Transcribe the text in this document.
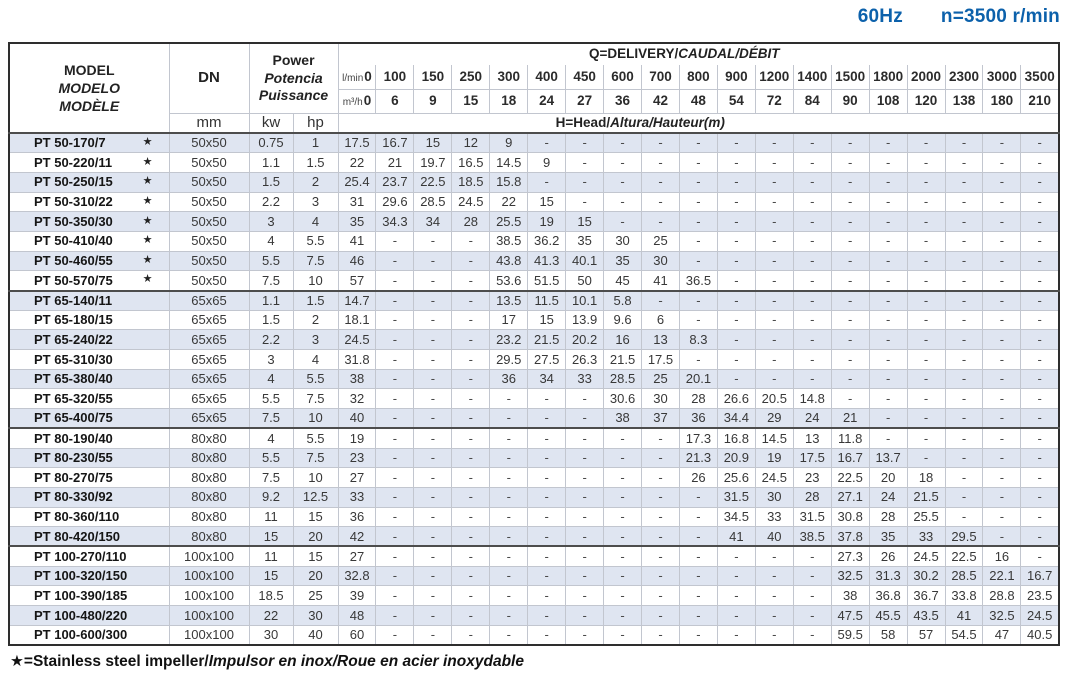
60Hz n=3500 r/min
MODEL
MODELO
MODÈLE
	DN	
Power
Potencia
Puissance
	Q=DELIVERY/CAUDAL/DÉBIT
				l/min0	100	150	250	300	400	450	600	700	800	900	1200	1400	1500	1800	2000	2300	3000	3500
				m³/h0	6	9	15	18	24	27	36	42	48	54	72	84	90	108	120	138	180	210
	mm	kw	hp	H=Head/Altura/Hauteur(m)																		
PT 50-170/7 ★	50x50	0.75	1	17.5	16.7	15	12	9	-	-	-	-	-	-	-	-	-	-	-	-	-	-
PT 50-220/11 ★	50x50	1.1	1.5	22	21	19.7	16.5	14.5	9	-	-	-	-	-	-	-	-	-	-	-	-	-
PT 50-250/15 ★	50x50	1.5	2	25.4	23.7	22.5	18.5	15.8	-	-	-	-	-	-	-	-	-	-	-	-	-	-
PT 50-310/22 ★	50x50	2.2	3	31	29.6	28.5	24.5	22	15	-	-	-	-	-	-	-	-	-	-	-	-	-
PT 50-350/30 ★	50x50	3	4	35	34.3	34	28	25.5	19	15	-	-	-	-	-	-	-	-	-	-	-	-
PT 50-410/40 ★	50x50	4	5.5	41	-	-	-	38.5	36.2	35	30	25	-	-	-	-	-	-	-	-	-	-
PT 50-460/55 ★	50x50	5.5	7.5	46	-	-	-	43.8	41.3	40.1	35	30	-	-	-	-	-	-	-	-	-	-
PT 50-570/75 ★	50x50	7.5	10	57	-	-	-	53.6	51.5	50	45	41	36.5	-	-	-	-	-	-	-	-	-
PT 65-140/11	65x65	1.1	1.5	14.7	-	-	-	13.5	11.5	10.1	5.8	-	-	-	-	-	-	-	-	-	-	-
PT 65-180/15	65x65	1.5	2	18.1	-	-	-	17	15	13.9	9.6	6	-	-	-	-	-	-	-	-	-	-
PT 65-240/22	65x65	2.2	3	24.5	-	-	-	23.2	21.5	20.2	16	13	8.3	-	-	-	-	-	-	-	-	-
PT 65-310/30	65x65	3	4	31.8	-	-	-	29.5	27.5	26.3	21.5	17.5	-	-	-	-	-	-	-	-	-	-
PT 65-380/40	65x65	4	5.5	38	-	-	-	36	34	33	28.5	25	20.1	-	-	-	-	-	-	-	-	-
PT 65-320/55	65x65	5.5	7.5	32	-	-	-	-	-	-	30.6	30	28	26.6	20.5	14.8	-	-	-	-	-	-
PT 65-400/75	65x65	7.5	10	40	-	-	-	-	-	-	38	37	36	34.4	29	24	21	-	-	-	-	-
PT 80-190/40	80x80	4	5.5	19	-	-	-	-	-	-	-	-	17.3	16.8	14.5	13	11.8	-	-	-	-	-
PT 80-230/55	80x80	5.5	7.5	23	-	-	-	-	-	-	-	-	21.3	20.9	19	17.5	16.7	13.7	-	-	-	-
PT 80-270/75	80x80	7.5	10	27	-	-	-	-	-	-	-	-	26	25.6	24.5	23	22.5	20	18	-	-	-
PT 80-330/92	80x80	9.2	12.5	33	-	-	-	-	-	-	-	-	-	31.5	30	28	27.1	24	21.5	-	-	-
PT 80-360/110	80x80	11	15	36	-	-	-	-	-	-	-	-	-	34.5	33	31.5	30.8	28	25.5	-	-	-
PT 80-420/150	80x80	15	20	42	-	-	-	-	-	-	-	-	-	41	40	38.5	37.8	35	33	29.5	-	-
PT 100-270/110	100x100	11	15	27	-	-	-	-	-	-	-	-	-	-	-	-	27.3	26	24.5	22.5	16	-
PT 100-320/150	100x100	15	20	32.8	-	-	-	-	-	-	-	-	-	-	-	-	32.5	31.3	30.2	28.5	22.1	16.7
PT 100-390/185	100x100	18.5	25	39	-	-	-	-	-	-	-	-	-	-	-	-	38	36.8	36.7	33.8	28.8	23.5
PT 100-480/220	100x100	22	30	48	-	-	-	-	-	-	-	-	-	-	-	-	47.5	45.5	43.5	41	32.5	24.5
PT 100-600/300	100x100	30	40	60	-	-	-	-	-	-	-	-	-	-	-	-	59.5	58	57	54.5	47	40.5
★=Stainless steel impeller/Impulsor en inox/Roue en acier inoxydable
